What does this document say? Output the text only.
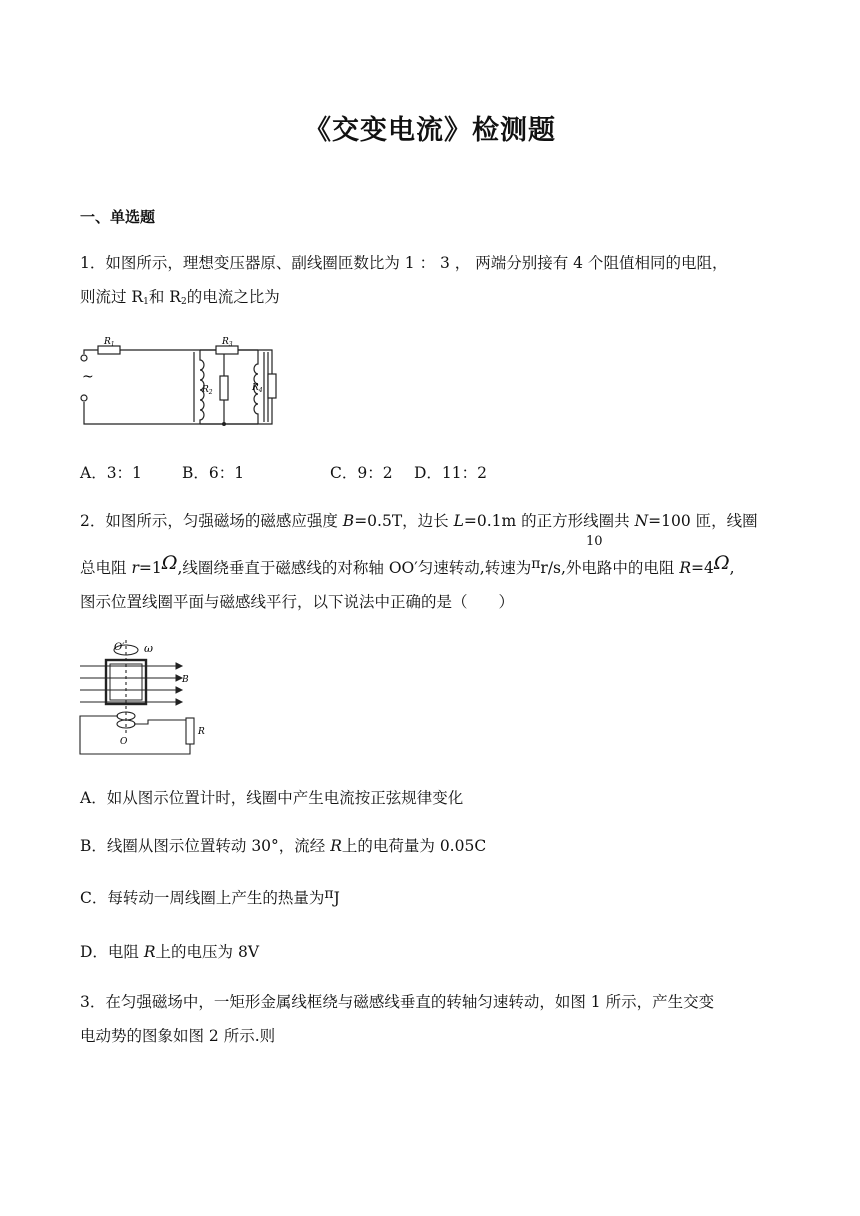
《交变电流》检测题
一、单选题
1．如图所示，理想变压器原、副线圈匝数比为 1 ： 3 ， 两端分别接有 4 个阻值相同的电阻，
则流过 $R_1$和 $R_2$的电流之比为
~
$R_1$
$R_2$
$R_3$
$R_4$
A．3：1	B．6：1	C．9：2 D．11：2
2．如图所示，匀强磁场的磁感应强度 B=0.5T，边长 L=0.1m 的正方形线圈共 N=100 匝，线圈
10
总电阻 r=1Ω,线圈绕垂直于磁感线的对称轴 OO′匀速转动,转速为πr/s,外电路中的电阻 R=4Ω,
图示位置线圈平面与磁感线平行，以下说法中正确的是（　　）
O′ ω
B
O
R
A．如从图示位置计时，线圈中产生电流按正弦规律变化
B．线圈从图示位置转动 30°，流经 R上的电荷量为 0.05C
C．每转动一周线圈上产生的热量为πJ
D．电阻 R上的电压为 8V
3．在匀强磁场中，一矩形金属线框绕与磁感线垂直的转轴匀速转动，如图 1 所示，产生交变
电动势的图象如图 2 所示.则
